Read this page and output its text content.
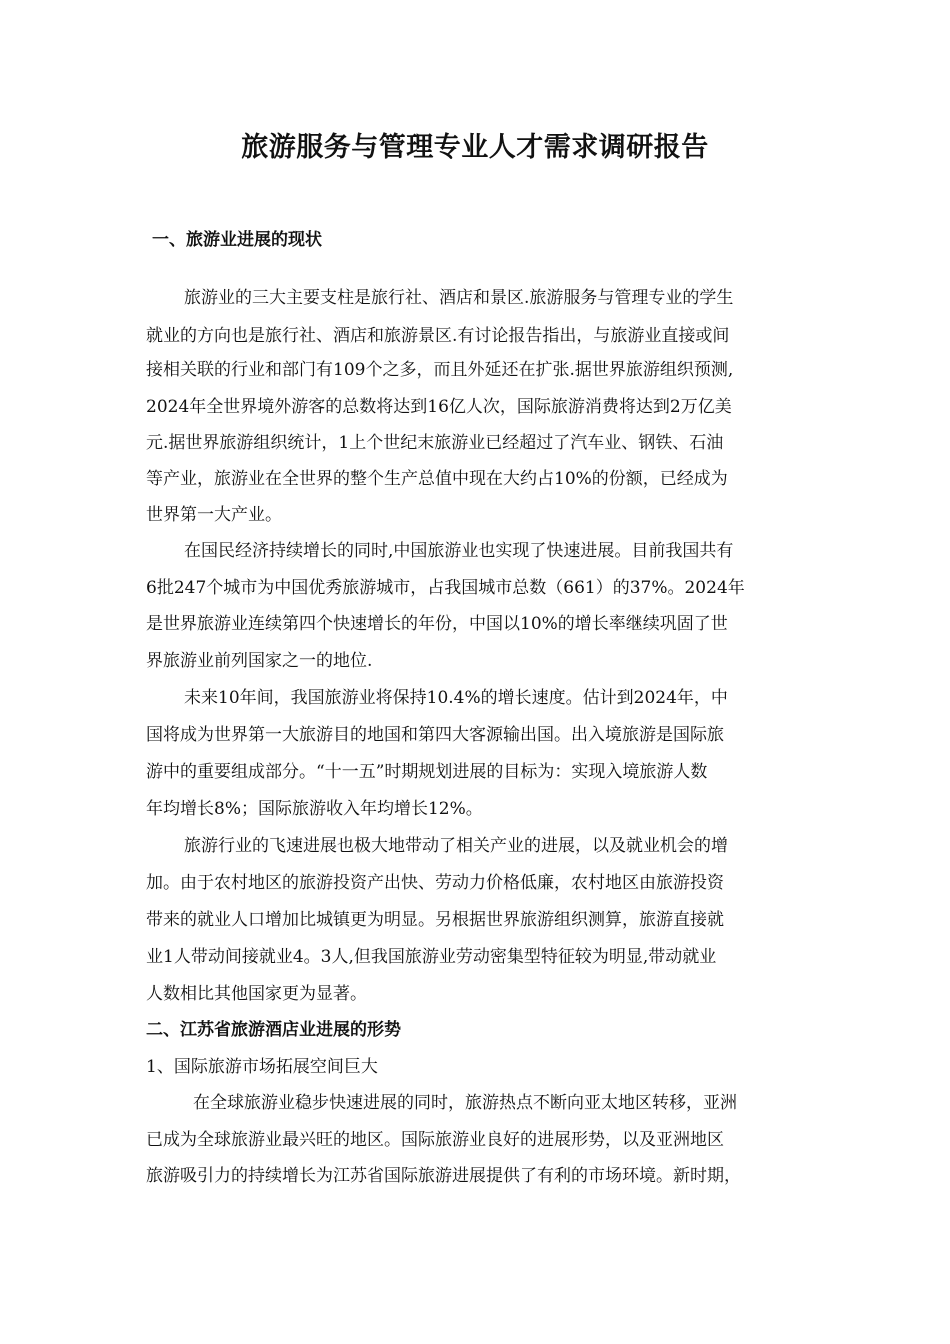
旅游服务与管理专业人才需求调研报告
一、旅游业进展的现状
旅游业的三大主要支柱是旅行社、酒店和景区.旅游服务与管理专业的学生
就业的方向也是旅行社、酒店和旅游景区.有讨论报告指出，与旅游业直接或间
接相关联的行业和部门有109个之多，而且外延还在扩张.据世界旅游组织预测,
2024年全世界境外游客的总数将达到16亿人次，国际旅游消费将达到2万亿美
元.据世界旅游组织统计，1上个世纪末旅游业已经超过了汽车业、钢铁、石油
等产业，旅游业在全世界的整个生产总值中现在大约占10%的份额，已经成为
世界第一大产业。
在国民经济持续增长的同时,中国旅游业也实现了快速进展。目前我国共有
6批247个城市为中国优秀旅游城市，占我国城市总数（661）的37%。2024年
是世界旅游业连续第四个快速增长的年份，中国以10%的增长率继续巩固了世
界旅游业前列国家之一的地位.
未来10年间，我国旅游业将保持10.4%的增长速度。估计到2024年，中
国将成为世界第一大旅游目的地国和第四大客源输出国。出入境旅游是国际旅
游中的重要组成部分。“十一五”时期规划进展的目标为：实现入境旅游人数
年均增长8%；国际旅游收入年均增长12%。
旅游行业的飞速进展也极大地带动了相关产业的进展，以及就业机会的增
加。由于农村地区的旅游投资产出快、劳动力价格低廉，农村地区由旅游投资
带来的就业人口增加比城镇更为明显。另根据世界旅游组织测算，旅游直接就
业1人带动间接就业4。3人,但我国旅游业劳动密集型特征较为明显,带动就业
人数相比其他国家更为显著。
二、江苏省旅游酒店业进展的形势
1、国际旅游市场拓展空间巨大
在全球旅游业稳步快速进展的同时，旅游热点不断向亚太地区转移，亚洲
已成为全球旅游业最兴旺的地区。国际旅游业良好的进展形势，以及亚洲地区
旅游吸引力的持续增长为江苏省国际旅游进展提供了有利的市场环境。新时期，
